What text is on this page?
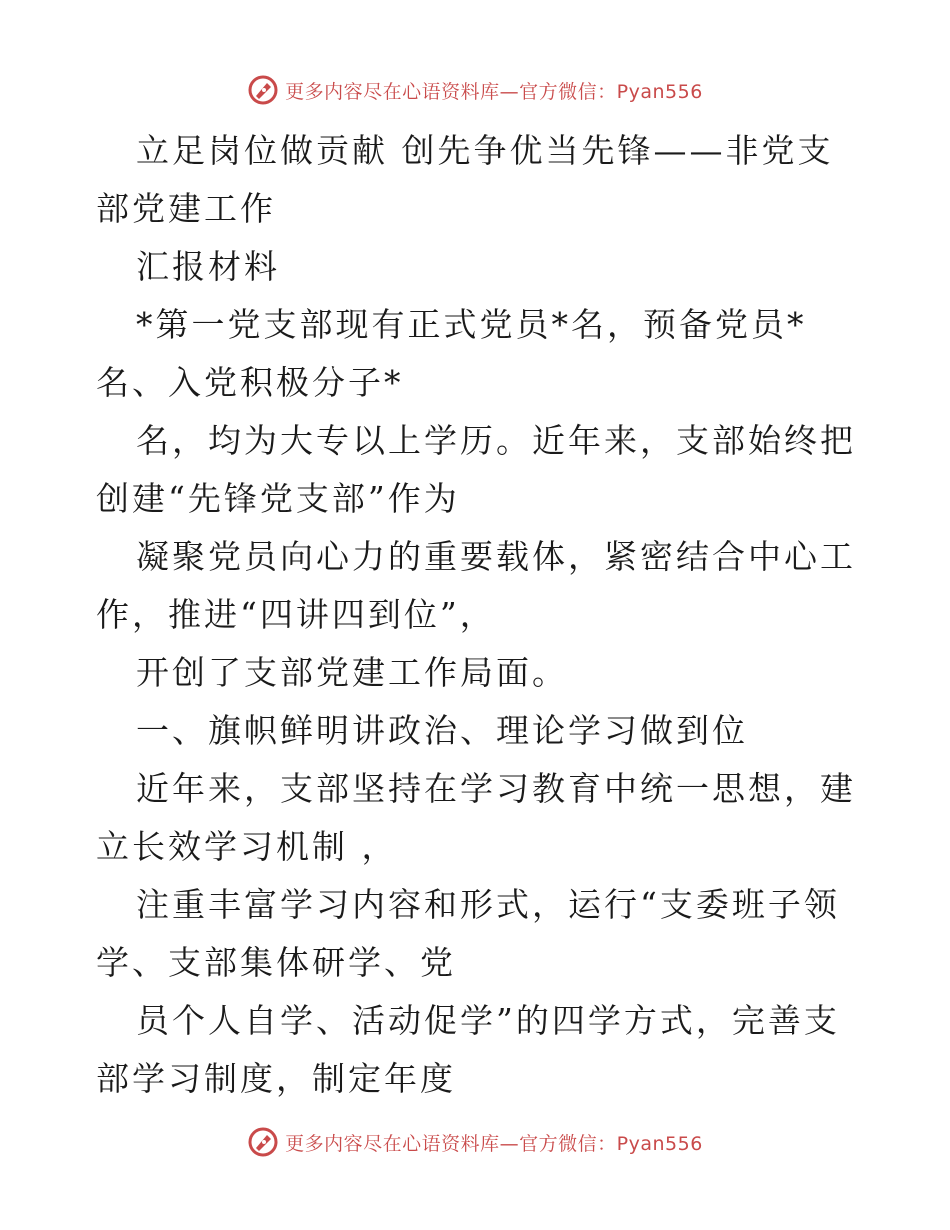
更多内容尽在心语资料库—官方微信：Pyan556

立足岗位做贡献 创先争优当先锋——非党支部党建工作

汇报材料

*第一党支部现有正式党员*名，预备党员*名、入党积极分子*

名，均为大专以上学历。近年来，支部始终把创建“先锋党支部”作为

凝聚党员向心力的重要载体，紧密结合中心工作，推进“四讲四到位”，

开创了支部党建工作局面。

一、旗帜鲜明讲政治、理论学习做到位

近年来，支部坚持在学习教育中统一思想，建立长效学习机制 ，

注重丰富学习内容和形式，运行“支委班子领学、支部集体研学、党

员个人自学、活动促学”的四学方式，完善支部学习制度，制定年度

更多内容尽在心语资料库—官方微信：Pyan556
